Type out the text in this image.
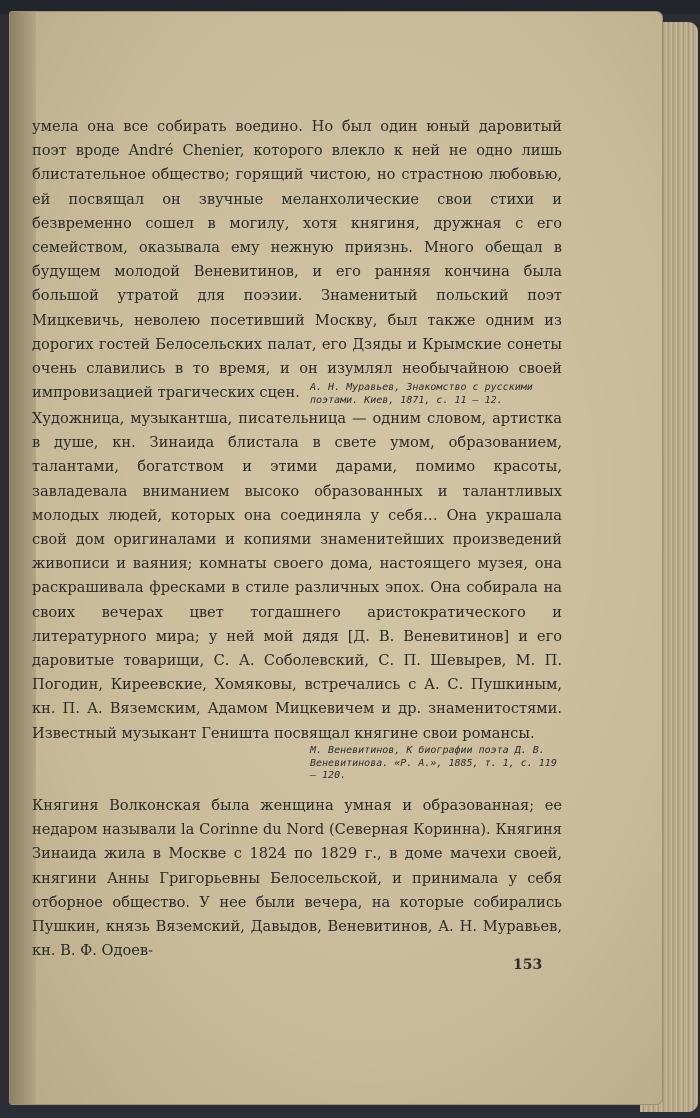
умела она все собирать воедино. Но был один юный даровитый поэт вроде André Chenier, которого влекло к ней не одно лишь блистательное общество; горящий чистою, но страстною любовью, ей посвящал он звучные меланхолические свои стихи и безвременно сошел в могилу, хотя княгиня, дружная с его семейством, оказывала ему нежную приязнь. Много обещал в будущем молодой Веневитинов, и его ранняя кончина была большой утратой для поэзии. Знаменитый польский поэт Мицкевичь, неволею посетивший Москву, был также одним из дорогих гостей Белосельских палат, его Дзяды и Крымские сонеты очень славились в то время, и он изумлял необычайною своей импровизацией трагических сцен.	А. Н. Муравьев, Знакомство с русскими поэтами. Киев, 1871, с. 11 — 12.

Художница, музыкантша, писательница — одним словом, артистка в душе, кн. Зинаида блистала в свете умом, образованием, талантами, богатством и этими дарами, помимо красоты, завладевала вниманием высоко образованных и талантливых молодых людей, которых она соединяла у себя… Она украшала свой дом оригиналами и копиями знаменитейших произведений живописи и ваяния; комнаты своего дома, настоящего музея, она раскрашивала фресками в стиле различных эпох. Она собирала на своих вечерах цвет тогдашнего аристократического и литературного мира; у ней мой дядя [Д. В. Веневитинов] и его даровитые товарищи, С. А. Соболевский, С. П. Шевырев, М. П. Погодин, Киреевские, Хомяковы, встречались с А. С. Пушкиным, кн. П. А. Вяземским, Адамом Мицкевичем и др. знаменитостями. Известный музыкант Геништа посвящал княгине свои романсы.

М. Веневитинов, К биографии поэта Д. В. Веневитинова. «Р. А.», 1885, т. 1, с. 119 — 120.

Княгиня Волконская была женщина умная и образованная; ее недаром называли la Corinne du Nord (Северная Коринна). Княгиня Зинаида жила в Москве с 1824 по 1829 г., в доме мачехи своей, княгини Анны Григорьевны Белосельской, и принимала у себя отборное общество. У нее были вечера, на которые собирались Пушкин, князь Вяземский, Давыдов, Веневитинов, А. Н. Муравьев, кн. В. Ф. Одоев-

153
